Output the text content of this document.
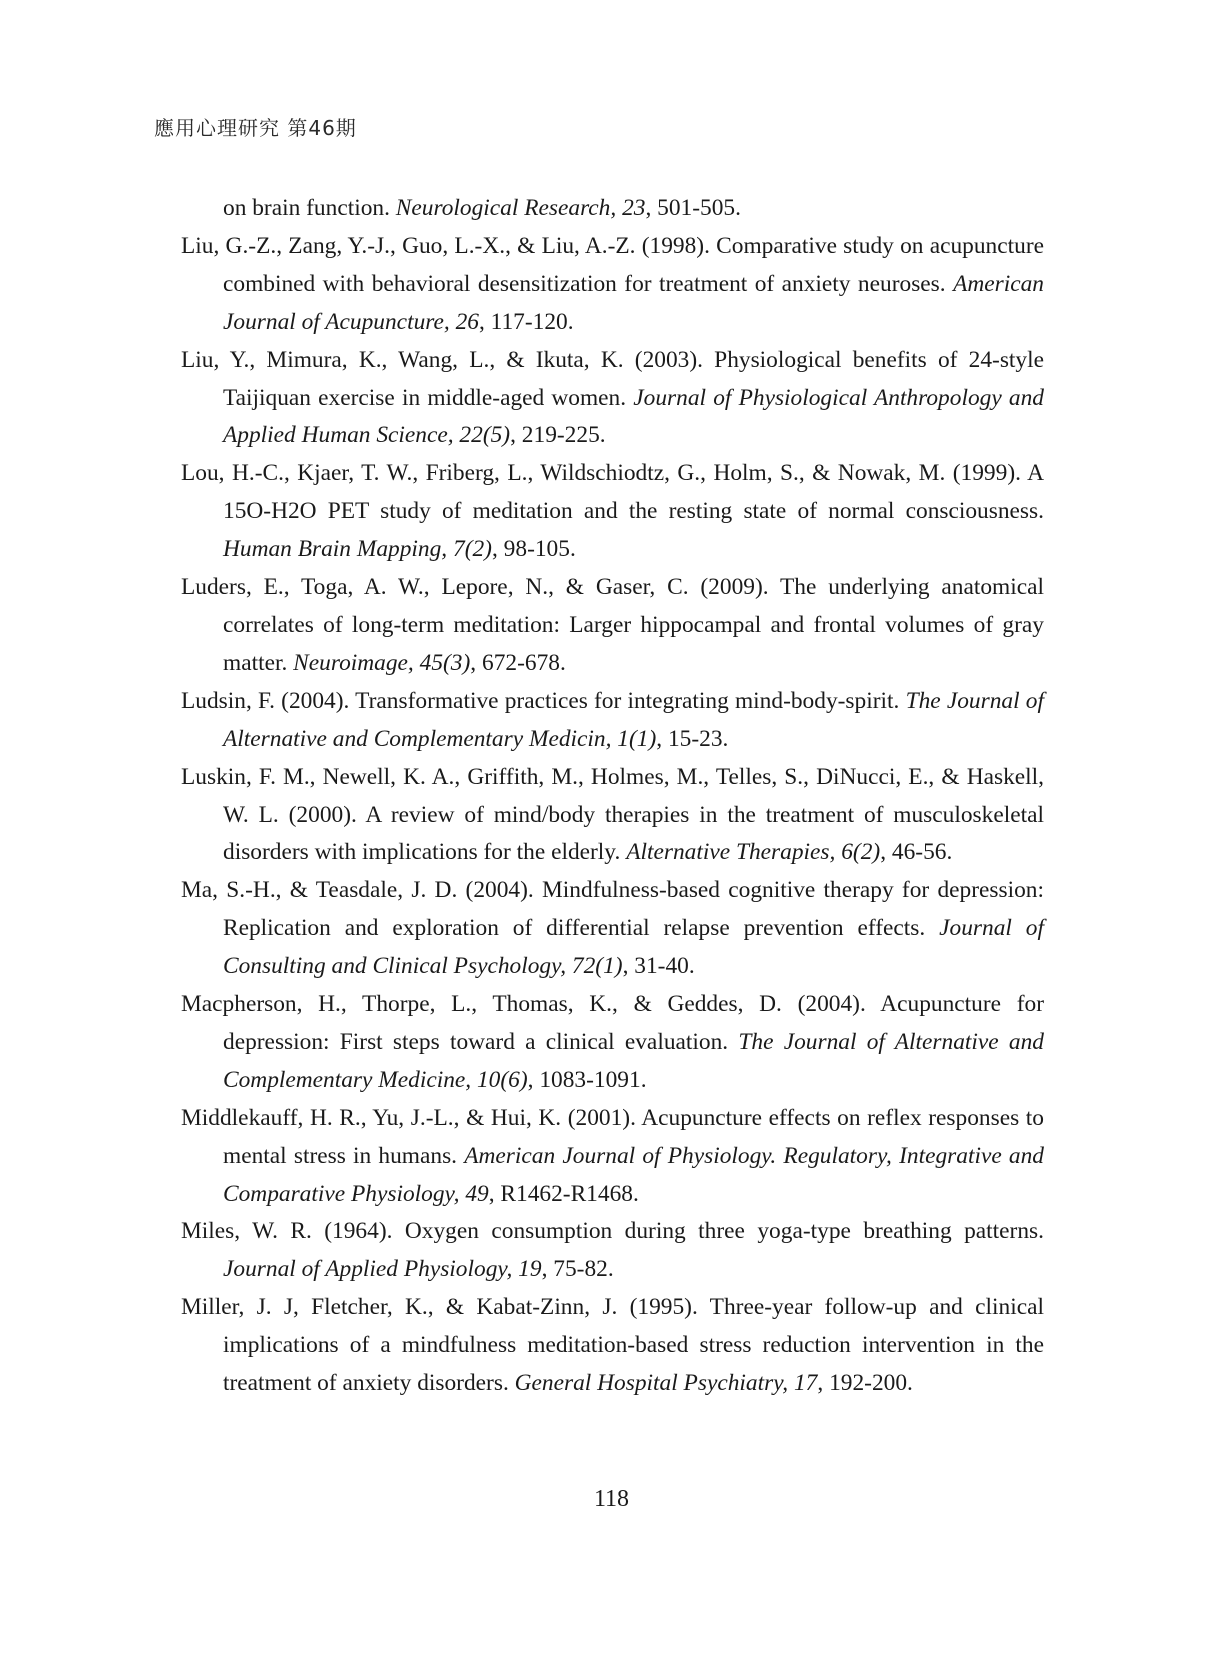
應用心理研究 第46期

on brain function. Neurological Research, 23, 501-505.

Liu, G.-Z., Zang, Y.-J., Guo, L.-X., & Liu, A.-Z. (1998). Comparative study on acupuncture combined with behavioral desensitization for treatment of anxiety neuroses. American Journal of Acupuncture, 26, 117-120.

Liu, Y., Mimura, K., Wang, L., & Ikuta, K. (2003). Physiological benefits of 24-style Taijiquan exercise in middle-aged women. Journal of Physiological Anthropology and Applied Human Science, 22(5), 219-225.

Lou, H.-C., Kjaer, T. W., Friberg, L., Wildschiodtz, G., Holm, S., & Nowak, M. (1999). A 15O-H2O PET study of meditation and the resting state of normal consciousness. Human Brain Mapping, 7(2), 98-105.

Luders, E., Toga, A. W., Lepore, N., & Gaser, C. (2009). The underlying anatomical correlates of long-term meditation: Larger hippocampal and frontal volumes of gray matter. Neuroimage, 45(3), 672-678.

Ludsin, F. (2004). Transformative practices for integrating mind-body-spirit. The Journal of Alternative and Complementary Medicin, 1(1), 15-23.

Luskin, F. M., Newell, K. A., Griffith, M., Holmes, M., Telles, S., DiNucci, E., & Haskell, W. L. (2000). A review of mind/body therapies in the treatment of musculoskeletal disorders with implications for the elderly. Alternative Therapies, 6(2), 46-56.

Ma, S.-H., & Teasdale, J. D. (2004). Mindfulness-based cognitive therapy for depression: Replication and exploration of differential relapse prevention effects. Journal of Consulting and Clinical Psychology, 72(1), 31-40.

Macpherson, H., Thorpe, L., Thomas, K., & Geddes, D. (2004). Acupuncture for depression: First steps toward a clinical evaluation. The Journal of Alternative and Complementary Medicine, 10(6), 1083-1091.

Middlekauff, H. R., Yu, J.-L., & Hui, K. (2001). Acupuncture effects on reflex responses to mental stress in humans. American Journal of Physiology. Regulatory, Integrative and Comparative Physiology, 49, R1462-R1468.

Miles, W. R. (1964). Oxygen consumption during three yoga-type breathing patterns. Journal of Applied Physiology, 19, 75-82.

Miller, J. J, Fletcher, K., & Kabat-Zinn, J. (1995). Three-year follow-up and clinical implications of a mindfulness meditation-based stress reduction intervention in the treatment of anxiety disorders. General Hospital Psychiatry, 17, 192-200.

118
